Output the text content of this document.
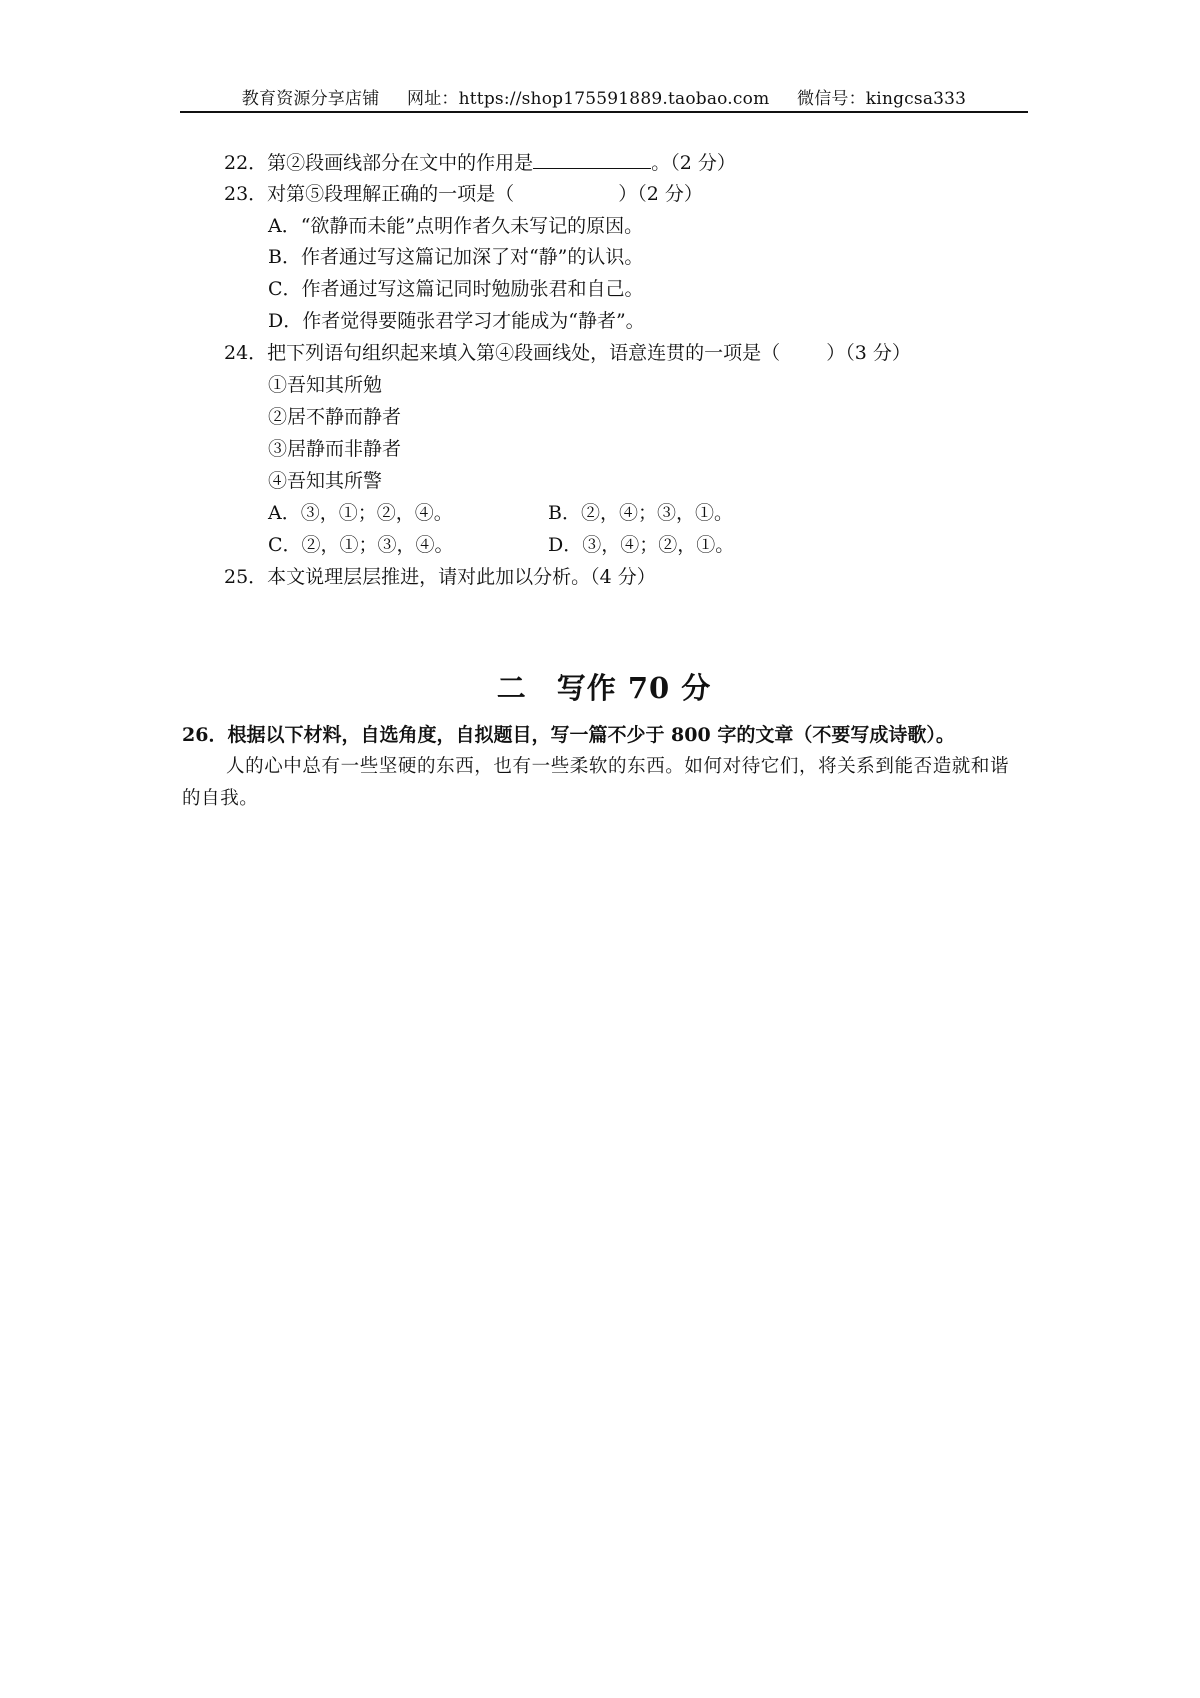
教育资源分享店铺 网址：https://shop175591889.taobao.com 微信号：kingcsa333
22．第②段画线部分在文中的作用是	。（2 分）
23．对第⑤段理解正确的一项是（	）（2 分）
A．“欲静而未能”点明作者久未写记的原因。
B．作者通过写这篇记加深了对“静”的认识。
C．作者通过写这篇记同时勉励张君和自己。
D．作者觉得要随张君学习才能成为“静者”。
24．把下列语句组织起来填入第④段画线处，语意连贯的一项是（ ）（3 分）
①吾知其所勉
②居不静而静者
③居静而非静者
④吾知其所警
A．③，①；②，④。	B．②，④；③，①。
C．②，①；③，④。	D．③，④；②，①。
25．本文说理层层推进，请对此加以分析。（4 分）
二　写作 70 分
26．根据以下材料，自选角度，自拟题目，写一篇不少于 800 字的文章（不要写成诗歌）。
人的心中总有一些坚硬的东西，也有一些柔软的东西。如何对待它们，将关系到能否造就和谐的自我。
